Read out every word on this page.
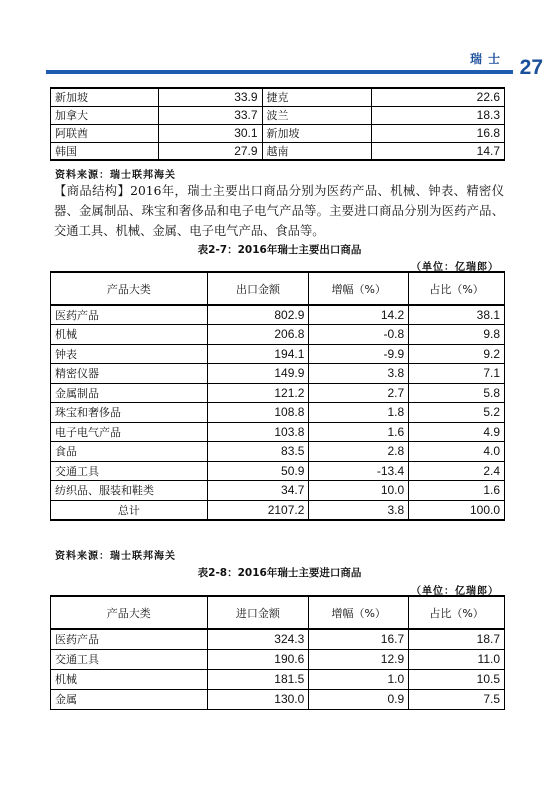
瑞士 27
新加坡	33.9	捷克	22.6
加拿大	33.7	波兰	18.3
阿联酋	30.1	新加坡	16.8
韩国	27.9	越南	14.7
资料来源：瑞士联邦海关
【商品结构】2016年，瑞士主要出口商品分别为医药产品、机械、钟表、精密仪器、金属制品、珠宝和奢侈品和电子电气产品等。主要进口商品分别为医药产品、交通工具、机械、金属、电子电气产品、食品等。
表2-7：2016年瑞士主要出口商品
（单位：亿瑞郎）
产品大类	出口金额	增幅（%）	占比（%）
医药产品	802.9	14.2	38.1
机械	206.8	-0.8	9.8
钟表	194.1	-9.9	9.2
精密仪器	149.9	3.8	7.1
金属制品	121.2	2.7	5.8
珠宝和奢侈品	108.8	1.8	5.2
电子电气产品	103.8	1.6	4.9
食品	83.5	2.8	4.0
交通工具	50.9	-13.4	2.4
纺织品、服装和鞋类	34.7	10.0	1.6
总计	2107.2	3.8	100.0
资料来源：瑞士联邦海关
表2-8：2016年瑞士主要进口商品
（单位：亿瑞郎）
产品大类	进口金额	增幅（%）	占比（%）
医药产品	324.3	16.7	18.7
交通工具	190.6	12.9	11.0
机械	181.5	1.0	10.5
金属	130.0	0.9	7.5
